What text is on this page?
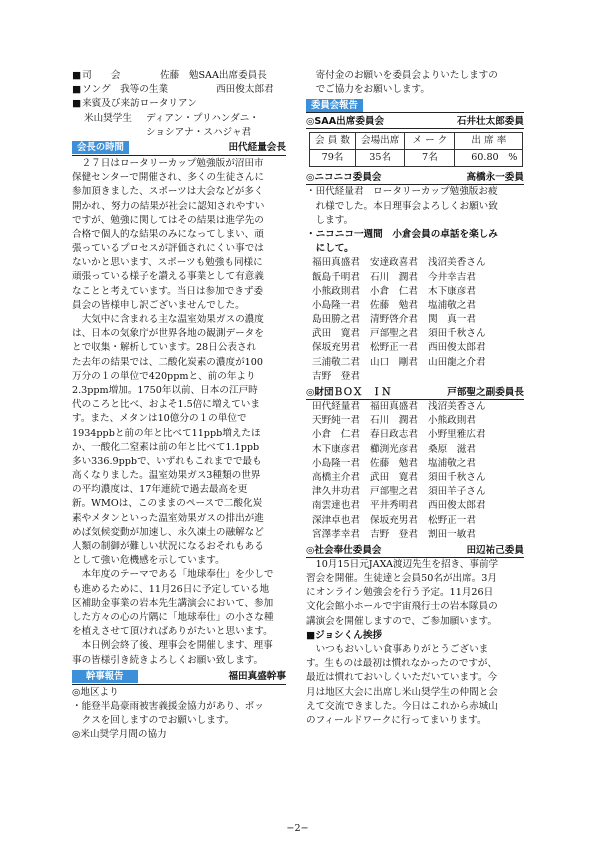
■ 司　　会	佐藤　勉SAA出席委員長
■ ソング 我等の生業	西田俊太郎君
■ 来賓及び来訪ロータリアン
米山奨学生	ディアン・プリハンダニ・
ショシアナ・スハジャ君
会長の時間	田代経量会長
２７日はロータリーカップ勉強版が沼田市
保健センターで開催され、多くの生徒さんに
参加頂きました、スポーツは大会などが多く
開かれ、努力の結果が社会に認知されやすい
ですが、勉強に関してはその結果は進学先の
合格で個人的な結果のみになってしまい、頑
張っているプロセスが評価されにくい事では
ないかと思います、スポーツも勉強も同様に
頑張っている様子を讃える事業として有意義
なことと考えています。当日は参加できず委
員会の皆様申し訳ございませんでした。
大気中に含まれる主な温室効果ガスの濃度
は、日本の気象庁が世界各地の観測データを
とで収集・解析しています。28日公表され
た去年の結果では、二酸化炭素の濃度が100
万分の１の単位で420ppmと、前の年より
2.3ppm増加。1750年以前、日本の江戸時
代のころと比べ、およそ1.5倍に増えていま
す。また、メタンは10億分の１の単位で
1934ppbと前の年と比べて11ppb増えたほ
か、一酸化二窒素は前の年と比べて1.1ppb
多い336.9ppbで、いずれもこれまでで最も
高くなりました。温室効果ガス3種類の世界
の平均濃度は、17年連続で過去最高を更
新。WMOは、このままのペースで二酸化炭
素やメタンといった温室効果ガスの排出が進
めば気候変動が加速し、永久凍土の融解など
人類の制御が難しい状況になるおそれもある
として強い危機感を示しています。
本年度のテーマである「地球奉仕」を少しで
も進めるために、11月26日に予定している地
区補助金事業の岩本先生講演会において、参加
した方々の心の片隅に「地球奉仕」の小さな種
を植えさせて頂ければありがたいと思います。
本日例会終了後、理事会を開催します、理事
事の皆様引き続きよろしくお願い致します。
幹事報告	福田真盛幹事
◎地区より
・能登半島豪雨被害義援金協力があり、ボッ
　クスを回しますのでお願いします。
◎米山奨学月間の協力
寄付金のお願いを委員会よりいたしますの
でご協力をお願いします。
委員会報告
◎SAA出席委員会	石井壮太郎委員
会 員 数	会場出席	メ ー ク	出 席 率
79名	35名	7名	60.80　%
◎ニコニコ委員会	高橋永一委員
・田代経量君　ロータリーカップ勉強版お疲
　れ様でした。本日理事会よろしくお願い致
　します。
・ニコニコ一週間　小倉会員の卓話を楽しみ
　にして。
福田真盛君	安達政喜君	浅沼美香さん
飯島千明君	石川　潤君	今井幸吉君
小熊政則君	小倉　仁君	木下康彦君
小島隆一君	佐藤　勉君	塩浦敬之君
島田勝之君	清野啓介君	関　真一君
武田　寛君	戸部聖之君	須田千秋さん
保坂充男君	松野正一君	西田俊太郎君
三浦敬二君	山口　剛君	山田龍之介君
吉野　登君
◎財団ＢＯＸ　ＩＮ	戸部聖之副委員長
田代経量君	福田真盛君	浅沼美香さん
天野純一君	石川　潤君	小熊政則君
小倉　仁君	春日政志君	小野里雅広君
木下康彦君	櫛渕光彦君	桑原　滋君
小島隆一君	佐藤　勉君	塩浦敬之君
高橋主介君	武田　寛君	須田千秋さん
津久井功君	戸部聖之君	須田羊子さん
南雲達也君	平井秀明君	西田俊太郎君
深津卓也君	保坂充男君	松野正一君
宮澤孝幸君	吉野　登君	割田一敏君
◎社会奉仕委員会	田辺祐己委員
10月15日元JAXA渡辺先生を招き、事前学
習会を開催。生徒達と会員50名が出席。3月
にオンライン勉強会を行う予定。11月26日
文化会館小ホールで宇宙飛行士の岩本隊員の
講演会を開催しますので、ご参加願います。
■ジョシくん挨拶
いつもおいしい食事ありがとうございま
す。生ものは最初は慣れなかったのですが、
最近は慣れておいしくいただいています。今
月は地区大会に出席し米山奨学生の仲間と会
えて交流できました。今日はこれから赤城山
のフィールドワークに行ってまいります。
−2−
